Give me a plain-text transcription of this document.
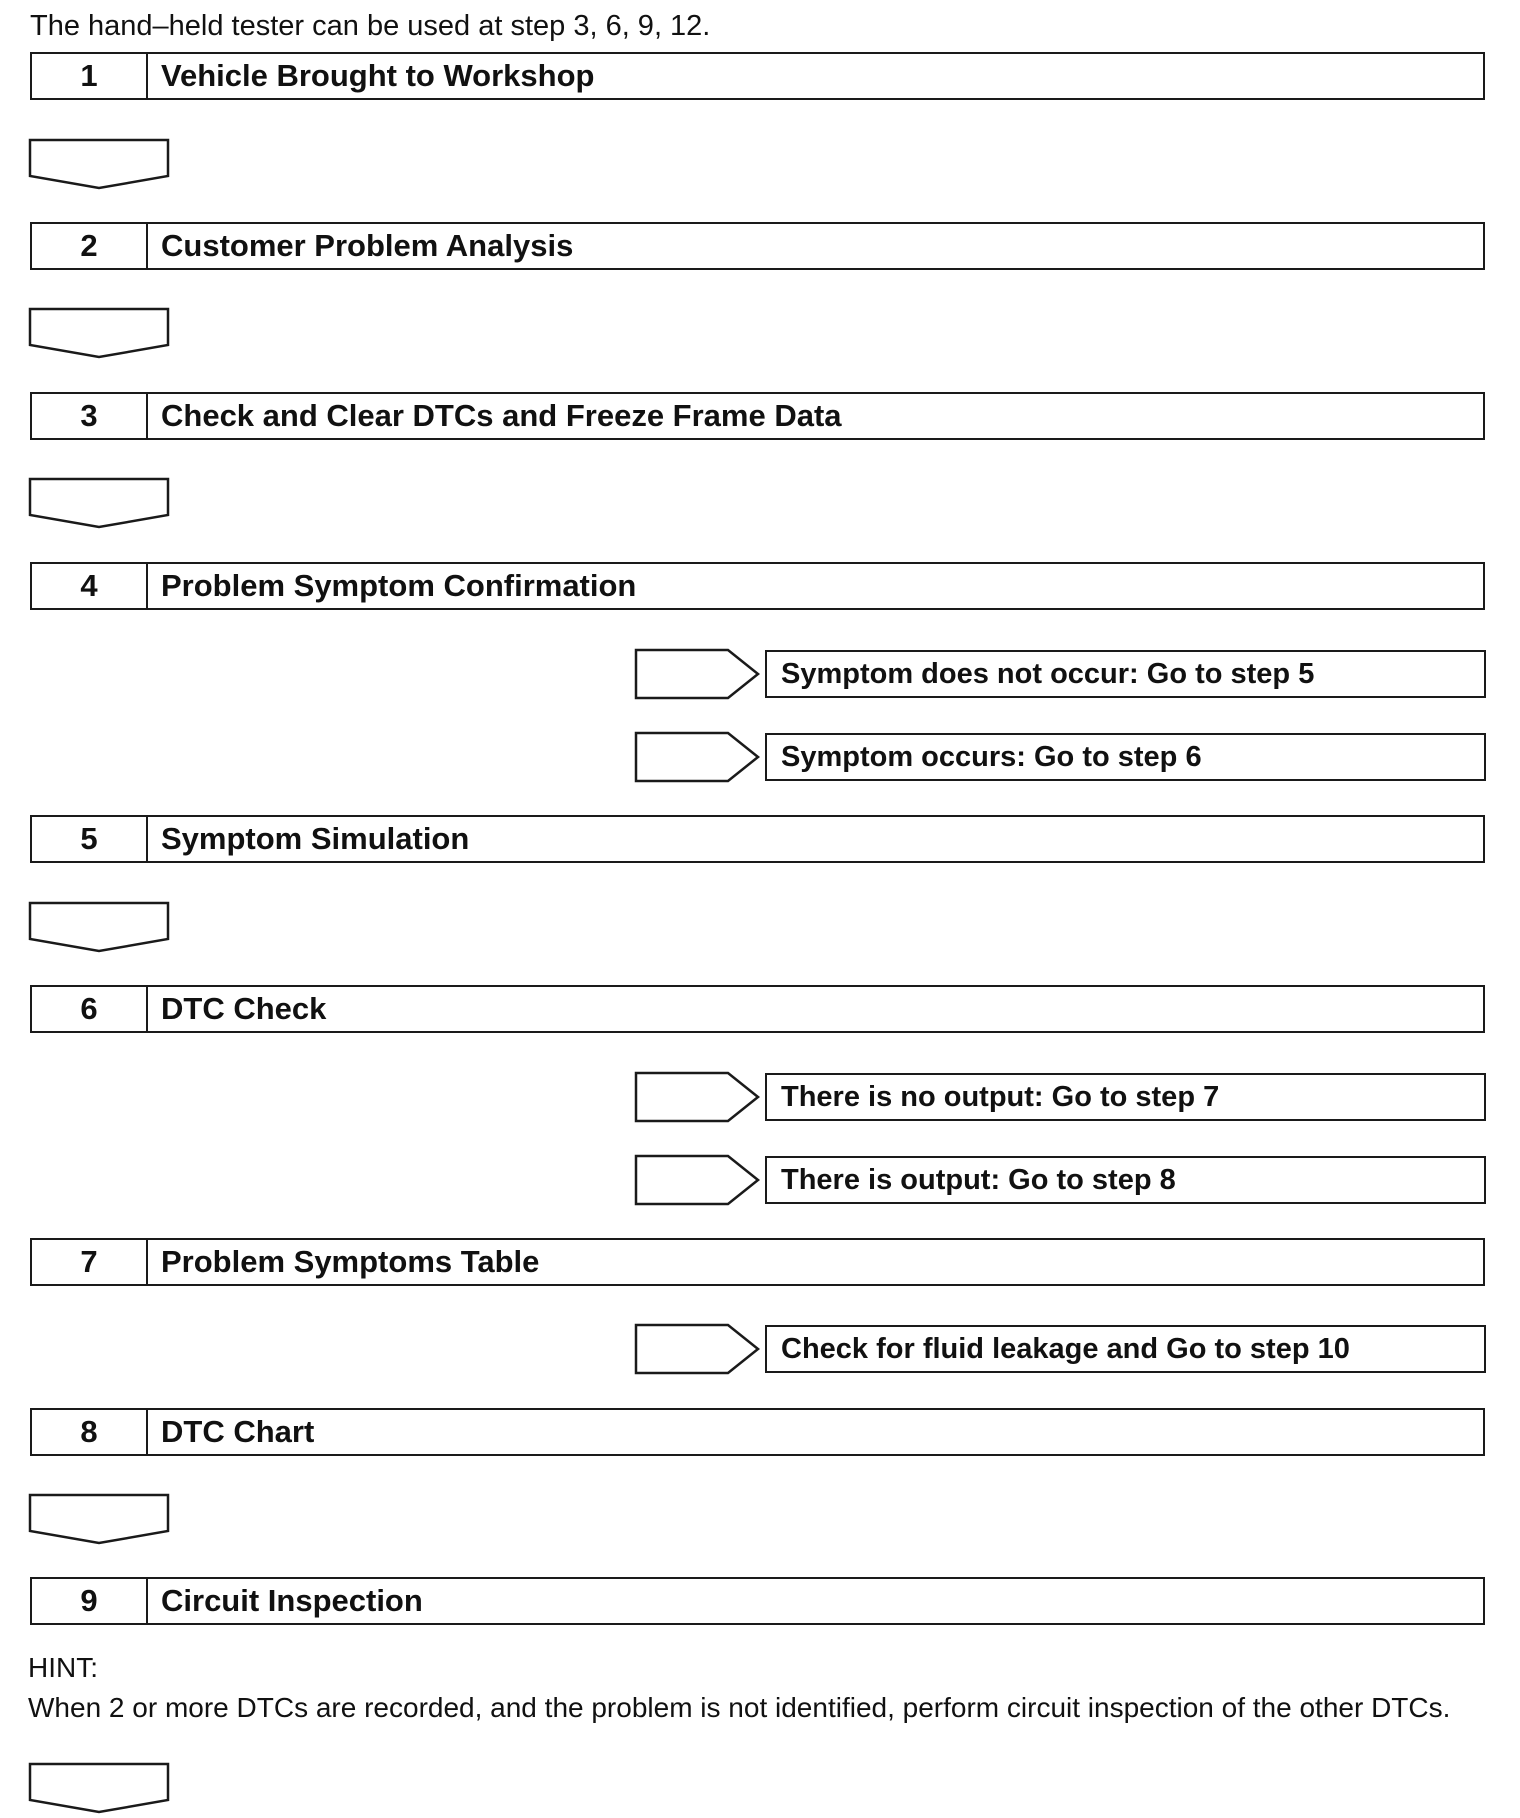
The hand–held tester can be used at step 3, 6, 9, 12.
1	Vehicle Brought to Workshop
2	Customer Problem Analysis
3	Check and Clear DTCs and Freeze Frame Data
4	Problem Symptom Confirmation
Symptom does not occur: Go to step 5
Symptom occurs: Go to step 6
5	Symptom Simulation
6	DTC Check
There is no output: Go to step 7
There is output: Go to step 8
7	Problem Symptoms Table
Check for fluid leakage and Go to step 10
8	DTC Chart
9	Circuit Inspection
HINT:
When 2 or more DTCs are recorded, and the problem is not identified, perform circuit inspection of the other DTCs.
